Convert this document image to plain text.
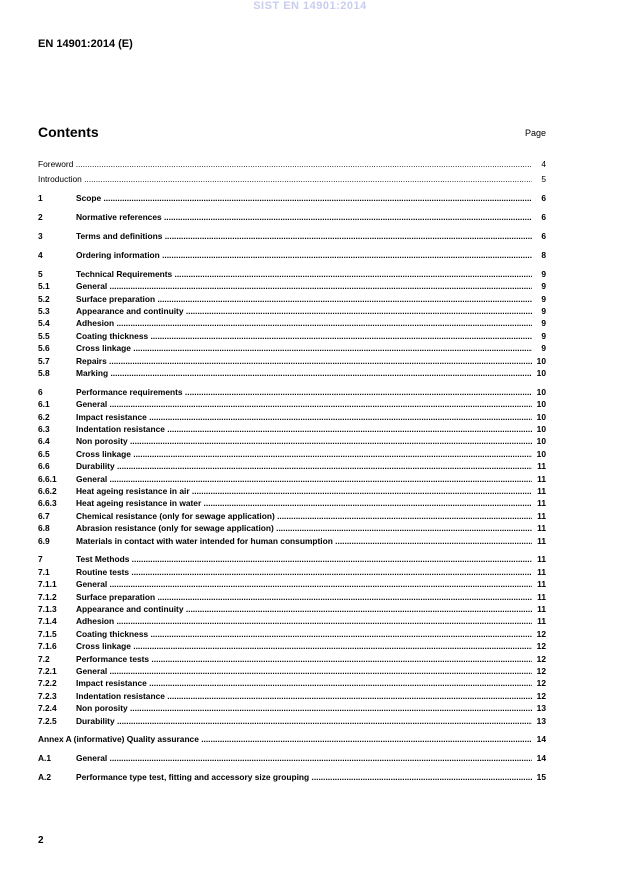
SIST EN 14901:2014
EN 14901:2014 (E)
Contents	Page
Foreword .....	4
Introduction .....	5
1	Scope .....	6
2	Normative references .....	6
3	Terms and definitions .....	6
4	Ordering information .....	8
5	Technical Requirements .....	9
5.1	General .....	9
5.2	Surface preparation .....	9
5.3	Appearance and continuity .....	9
5.4	Adhesion .....	9
5.5	Coating thickness .....	9
5.6	Cross linkage .....	9
5.7	Repairs .....	10
5.8	Marking .....	10
6	Performance requirements .....	10
6.1	General .....	10
6.2	Impact resistance .....	10
6.3	Indentation resistance .....	10
6.4	Non porosity .....	10
6.5	Cross linkage .....	10
6.6	Durability .....	11
6.6.1 General .....	11
6.6.2 Heat ageing resistance in air .....	11
6.6.3 Heat ageing resistance in water .....	11
6.7	Chemical resistance (only for sewage application) .....	11
6.8	Abrasion resistance (only for sewage application) .....	11
6.9	Materials in contact with water intended for human consumption .....	11
7	Test Methods .....	11
7.1	Routine tests .....	11
7.1.1 General .....	11
7.1.2 Surface preparation .....	11
7.1.3 Appearance and continuity .....	11
7.1.4 Adhesion .....	11
7.1.5 Coating thickness .....	12
7.1.6 Cross linkage .....	12
7.2	Performance tests .....	12
7.2.1 General .....	12
7.2.2 Impact resistance .....	12
7.2.3 Indentation resistance .....	12
7.2.4 Non porosity .....	13
7.2.5 Durability .....	13
Annex A (informative) Quality assurance .....	14
A.1	General .....	14
A.2	Performance type test, fitting and accessory size grouping .....	15
2
